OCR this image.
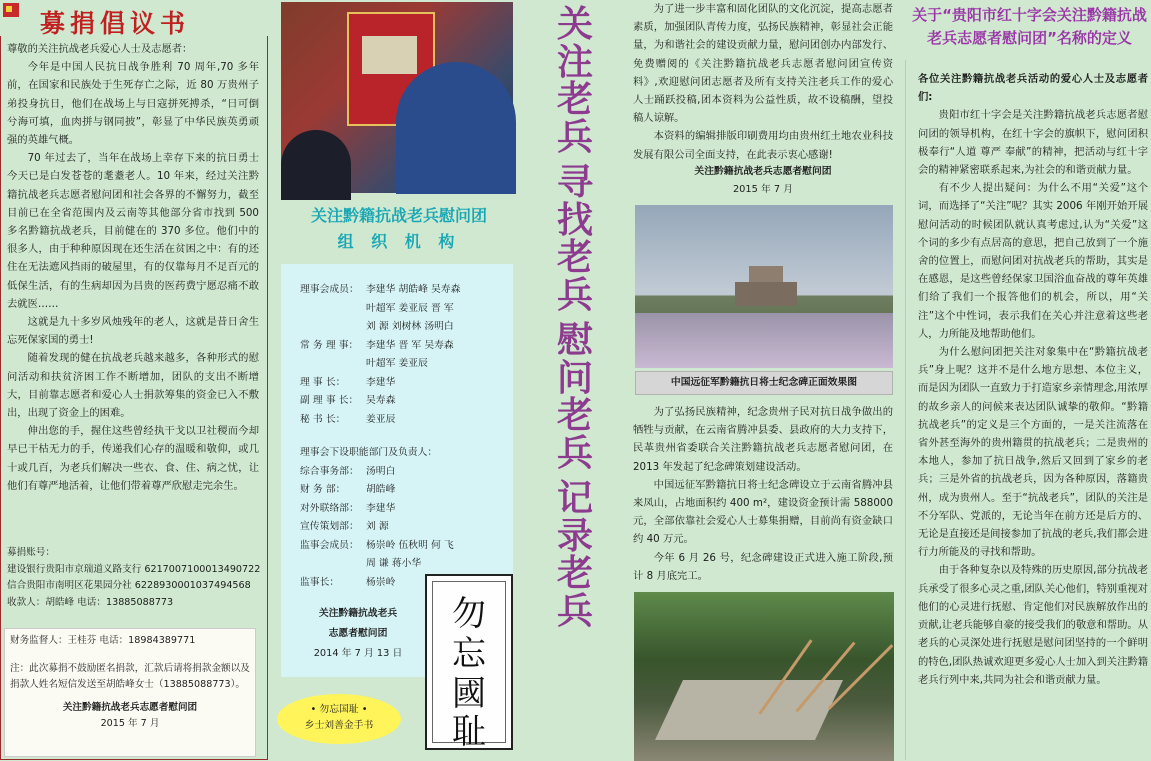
募捐倡议书

尊敬的关注抗战老兵爱心人士及志愿者：

今年是中国人民抗日战争胜利 70 周年,70 多年前，在国家和民族处于生死存亡之际，近 80 万贵州子弟投身抗日，他们在战场上与日寇拼死搏杀，“日可倒兮海可填，血肉拼与钢同披”，彰显了中华民族英勇顽强的英雄气概。

70 年过去了，当年在战场上幸存下来的抗日勇士今天已是白发苍苍的耄耋老人。10 年来，经过关注黔籍抗战老兵志愿者慰问团和社会各界的不懈努力，截至目前已在全省范围内及云南等其他部分省市找到 500 多名黔籍抗战老兵，目前健在的 370 多位。他们中的很多人，由于种种原因现在还生活在贫困之中：有的还住在无法遮风挡雨的破屋里，有的仅靠每月不足百元的低保生活，有的生病却因为吕贵的医药费宁愿忍痛不敢去就医……

这就是九十多岁风烛残年的老人，这就是昔日舍生忘死保家国的勇士!

随着发现的健在抗战老兵越来越多，各种形式的慰问活动和扶贫济困工作不断增加，团队的支出不断增大，目前靠志愿者和爱心人士捐款筹集的资金已入不敷出，出现了资金上的困难。

伸出您的手，握住这些曾经执干戈以卫社稷而今却早已干枯无力的手，传递我们心存的温暖和敬仰，或几十或几百，为老兵们解决一些衣、食、住、病之忧，让他们有尊严地活着，让他们带着尊严欣慰走完余生。

募捐账号：
建设银行贵阳市京瑞道义路支行 6217007100013490722
信合贵阳市南明区花果园分社 6228930001037494568
收款人：胡皓峰 电话：13885088773
财务监督人：王桂芬 电话：18984389771
注：此次募捐不鼓励匿名捐款，汇款后请将捐款金额以及捐款人姓名短信发送至胡皓峰女士（13885088773）。
关注黔籍抗战老兵志愿者慰问团
2015 年 7 月
关注黔籍抗战老兵慰问团
组 织 机 构
理事会成员： 李建华 胡皓峰 吴寿森
叶超军 姜亚辰 晋 军
刘 源 刘树林 汤明白
常 务 理 事： 李建华 晋 军 吴寿森
叶超军 姜亚辰
理 事 长：	李建华
副 理 事 长： 吴寿森
秘 书 长：	姜亚辰
理事会下设职能部门及负责人：
综合事务部： 汤明白
财 务 部：	胡皓峰
对外联络部： 李建华
宣传策划部： 刘 源
监事会成员： 杨崇岭 伍秋明 何 飞
周 谦 蒋小华
监事长：	杨崇岭
关注黔籍抗战老兵
志愿者慰问团
2014 年 7 月 13 日
勿
忘
國
耻
• 勿忘国耻 •
乡士刘善金手书
关
注
老
兵
寻
找
老
兵
慰
问
老
兵
记
录
老
兵

为了进一步丰富和固化团队的文化沉淀，提高志愿者素质，加强团队青传力度，弘扬民族精神，彰显社会正能量，为和谐社会的建设贡献力量，慰问团创办内部发行、免费赠阅的《关注黔籍抗战老兵志愿者慰问团宣传资料》,欢迎慰问团志愿者及所有支持关注老兵工作的爱心人士踊跃投稿,团本资料为公益性质，故不设稿酬，望投稿人谅解。

本资料的编辑排版印刷费用均由贵州红土地农业科技发展有限公司全面支持，在此表示衷心感谢!

关注黔籍抗战老兵志愿者慰问团
2015 年 7 月
中国远征军黔籍抗日将士纪念碑正面效果图

为了弘扬民族精神，纪念贵州子民对抗日战争做出的牺牲与贡献，在云南省腾冲县委、县政府的大力支持下，民革贵州省委联合关注黔籍抗战老兵志愿者慰问团，在 2013 年发起了纪念碑策划建设活动。

中国远征军黔籍抗日将士纪念碑设立于云南省腾冲县来凤山，占地面积约 400 m²，建设资金预计需 588000 元，全部依靠社会爱心人士募集捐赠，目前尚有资金缺口约 40 万元。

今年 6 月 26 号，纪念碑建设正式进入施工阶段,预计 8 月底完工。

关于“贵阳市红十字会关注黔籍抗战
老兵志愿者慰问团”名称的定义

各位关注黔籍抗战老兵活动的爱心人士及志愿者们:

贵阳市红十字会是关注黔籍抗战老兵志愿者慰问团的领导机构，在红十字会的旗帜下，慰问团积极奉行“人道 尊严 奉献”的精神，把活动与红十字会的精神紧密联系起来,为社会的和谐贡献力量。

有不少人提出疑问：为什么不用“关爱”这个词，而选择了“关注”呢？其实 2006 年刚开始开展慰问活动的时候团队就认真考虑过,认为“关爱”这个词的多少有点居高的意思，把自己放到了一个施舍的位置上，而慰问团对抗战老兵的帮助，其实是在感恩，是这些曾经保家卫国浴血奋战的尊年英雄们给了我们一个报答他们的机会，所以，用“关注”这个中性词，表示我们在关心并注意着这些老人，力所能及地帮助他们。

为什么慰问团把关注对象集中在“黔籍抗战老兵”身上呢？这并不是什么地方思想、本位主义，而是因为团队一直致力于打造家乡亲情理念,用浓厚的故乡亲人的问候来表达团队诚挚的敬仰。“黔籍抗战老兵”的定义是三个方面的，一是关注流落在省外甚至海外的贵州籍贯的抗战老兵；二是贵州的本地人，参加了抗日战争,然后又回到了家乡的老兵；三是外省的抗战老兵，因为各种原因，落籍贵州，成为贵州人。至于“抗战老兵”，团队的关注是不分军队、党派的，无论当年在前方还是后方的、无论是直接还是间接参加了抗战的老兵,我们都会进行力所能及的寻找和帮助。

由于各种复杂以及特殊的历史原因,部分抗战老兵承受了很多心灵之重,团队关心他们，特别重视对他们的心灵进行抚慰、肯定他们对民族解放作出的贡献,让老兵能够自豪的接受我们的敬意和帮助。从老兵的心灵深处进行抚慰是慰问团坚持的一个鲜明的特色,团队热诚欢迎更多爱心人士加入到关注黔籍老兵行列中来,共同为社会和谐贡献力量。
